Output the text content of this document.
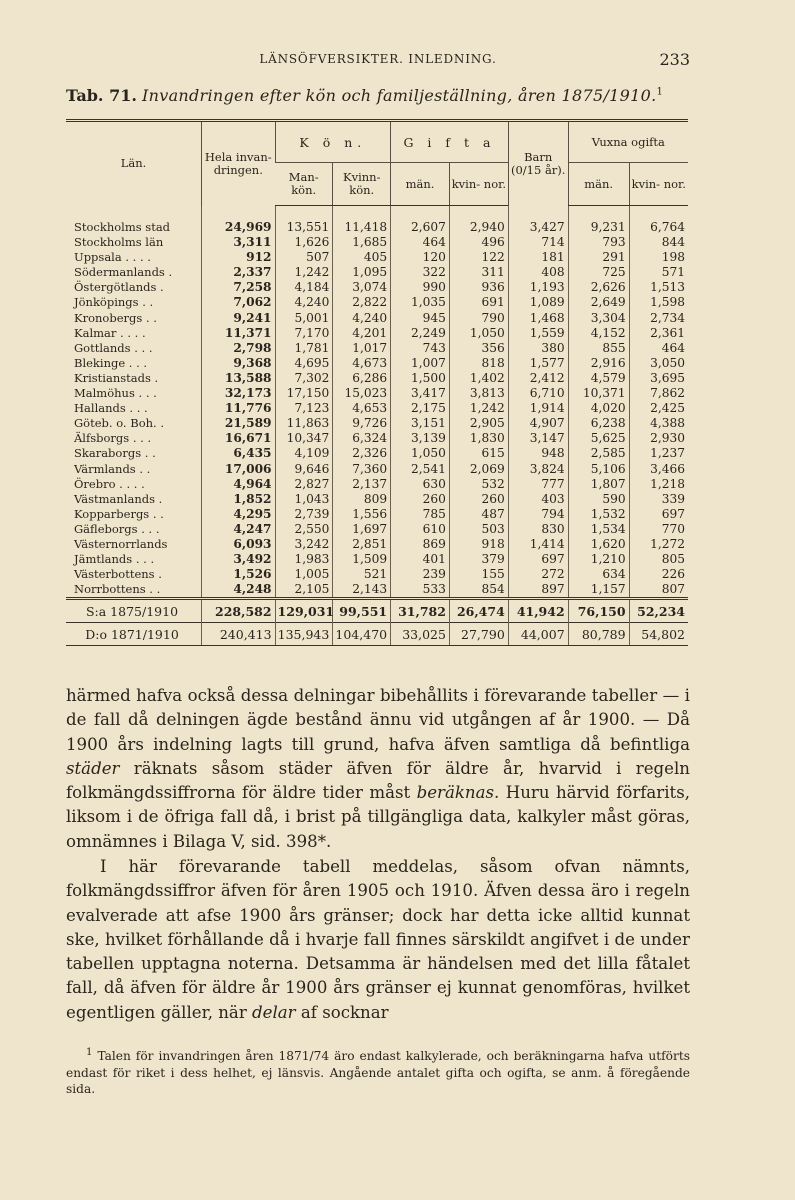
LÄNSÖFVERSIKTER. INLEDNING.	233
Tab. 71. Invandringen efter kön och familjeställning, åren 1875/1910.$^1$
Län.	Hela invan- dringen.	K ö n.		G i f t a		Barn (0/15 år).	Vuxna ogifta	
		Man- kön.	Kvinn- kön.	män.	kvin- nor.		män.	kvin- nor.

Stockholms stad	24,969	13,551	11,418	2,607	2,940	3,427	9,231	6,764
Stockholms län	3,311	1,626	1,685	464	496	714	793	844
Uppsala . . . .	912	507	405	120	122	181	291	198
Södermanlands .	2,337	1,242	1,095	322	311	408	725	571
Östergötlands .	7,258	4,184	3,074	990	936	1,193	2,626	1,513
Jönköpings . .	7,062	4,240	2,822	1,035	691	1,089	2,649	1,598
Kronobergs . .	9,241	5,001	4,240	945	790	1,468	3,304	2,734
Kalmar . . . .	11,371	7,170	4,201	2,249	1,050	1,559	4,152	2,361
Gottlands . . .	2,798	1,781	1,017	743	356	380	855	464
Blekinge . . .	9,368	4,695	4,673	1,007	818	1,577	2,916	3,050
Kristianstads .	13,588	7,302	6,286	1,500	1,402	2,412	4,579	3,695
Malmöhus . . .	32,173	17,150	15,023	3,417	3,813	6,710	10,371	7,862
Hallands . . .	11,776	7,123	4,653	2,175	1,242	1,914	4,020	2,425
Göteb. o. Boh. .	21,589	11,863	9,726	3,151	2,905	4,907	6,238	4,388
Älfsborgs . . .	16,671	10,347	6,324	3,139	1,830	3,147	5,625	2,930
Skaraborgs . .	6,435	4,109	2,326	1,050	615	948	2,585	1,237
Värmlands . .	17,006	9,646	7,360	2,541	2,069	3,824	5,106	3,466
Örebro . . . .	4,964	2,827	2,137	630	532	777	1,807	1,218
Västmanlands .	1,852	1,043	809	260	260	403	590	339
Kopparbergs . .	4,295	2,739	1,556	785	487	794	1,532	697
Gäfleborgs . . .	4,247	2,550	1,697	610	503	830	1,534	770
Västernorrlands	6,093	3,242	2,851	869	918	1,414	1,620	1,272
Jämtlands . . .	3,492	1,983	1,509	401	379	697	1,210	805
Västerbottens .	1,526	1,005	521	239	155	272	634	226
Norrbottens . .	4,248	2,105	2,143	533	854	897	1,157	807
S:a 1875/1910	228,582	129,031	99,551	31,782	26,474	41,942	76,150	52,234
D:o 1871/1910	240,413	135,943	104,470	33,025	27,790	44,007	80,789	54,802

härmed hafva också dessa delningar bibehållits i förevarande tabeller — i de fall då delningen ägde bestånd ännu vid utgången af år 1900. — Då 1900 års indelning lagts till grund, hafva äfven samtliga då befintliga städer räknats såsom städer äfven för äldre år, hvarvid i regeln folkmängdssiffrorna för äldre tider måst beräknas. Huru härvid förfarits, liksom i de öfriga fall då, i brist på tillgängliga data, kalkyler måst göras, omnämnes i Bilaga V, sid. 398*.

I här förevarande tabell meddelas, såsom ofvan nämnts, folkmängdssiffror äfven för åren 1905 och 1910. Äfven dessa äro i regeln evalverade att afse 1900 års gränser; dock har detta icke alltid kunnat ske, hvilket förhållande då i hvarje fall finnes särskildt angifvet i de under tabellen upptagna noterna. Detsamma är händelsen med det lilla fåtalet fall, då äfven för äldre år 1900 års gränser ej kunnat genomföras, hvilket egentligen gäller, när delar af socknar

$^1$ Talen för invandringen åren 1871/74 äro endast kalkylerade, och beräkningarna hafva utförts endast för riket i dess helhet, ej länsvis. Angående antalet gifta och ogifta, se anm. å föregående sida.
